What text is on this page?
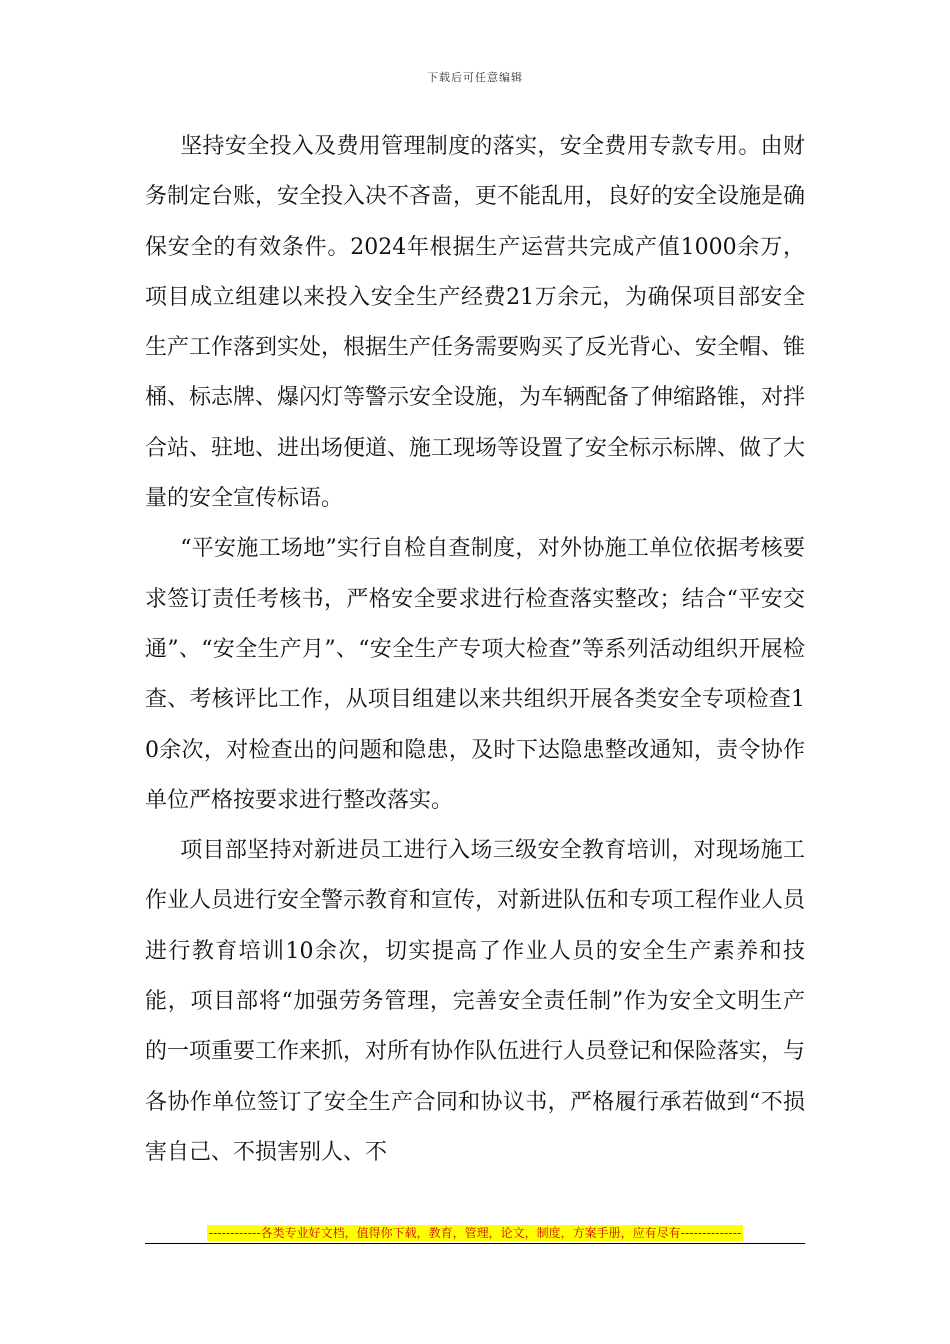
下载后可任意编辑

坚持安全投入及费用管理制度的落实，安全费用专款专用。由财务制定台账，安全投入决不吝啬，更不能乱用，良好的安全设施是确保安全的有效条件。2024年根据生产运营共完成产值1000余万，项目成立组建以来投入安全生产经费21万余元，为确保项目部安全生产工作落到实处，根据生产任务需要购买了反光背心、安全帽、锥桶、标志牌、爆闪灯等警示安全设施，为车辆配备了伸缩路锥，对拌合站、驻地、进出场便道、施工现场等设置了安全标示标牌、做了大量的安全宣传标语。

“平安施工场地”实行自检自查制度，对外协施工单位依据考核要求签订责任考核书，严格安全要求进行检查落实整改；结合“平安交通”、“安全生产月”、“安全生产专项大检查”等系列活动组织开展检查、考核评比工作，从项目组建以来共组织开展各类安全专项检查10余次，对检查出的问题和隐患，及时下达隐患整改通知，责令协作单位严格按要求进行整改落实。

项目部坚持对新进员工进行入场三级安全教育培训，对现场施工作业人员进行安全警示教育和宣传，对新进队伍和专项工程作业人员进行教育培训10余次，切实提高了作业人员的安全生产素养和技能，项目部将“加强劳务管理，完善安全责任制”作为安全文明生产的一项重要工作来抓，对所有协作队伍进行人员登记和保险落实，与各协作单位签订了安全生产合同和协议书，严格履行承若做到“不损害自己、不损害别人、不

------------各类专业好文档，值得你下载，教育，管理，论文，制度，方案手册，应有尽有--------------
